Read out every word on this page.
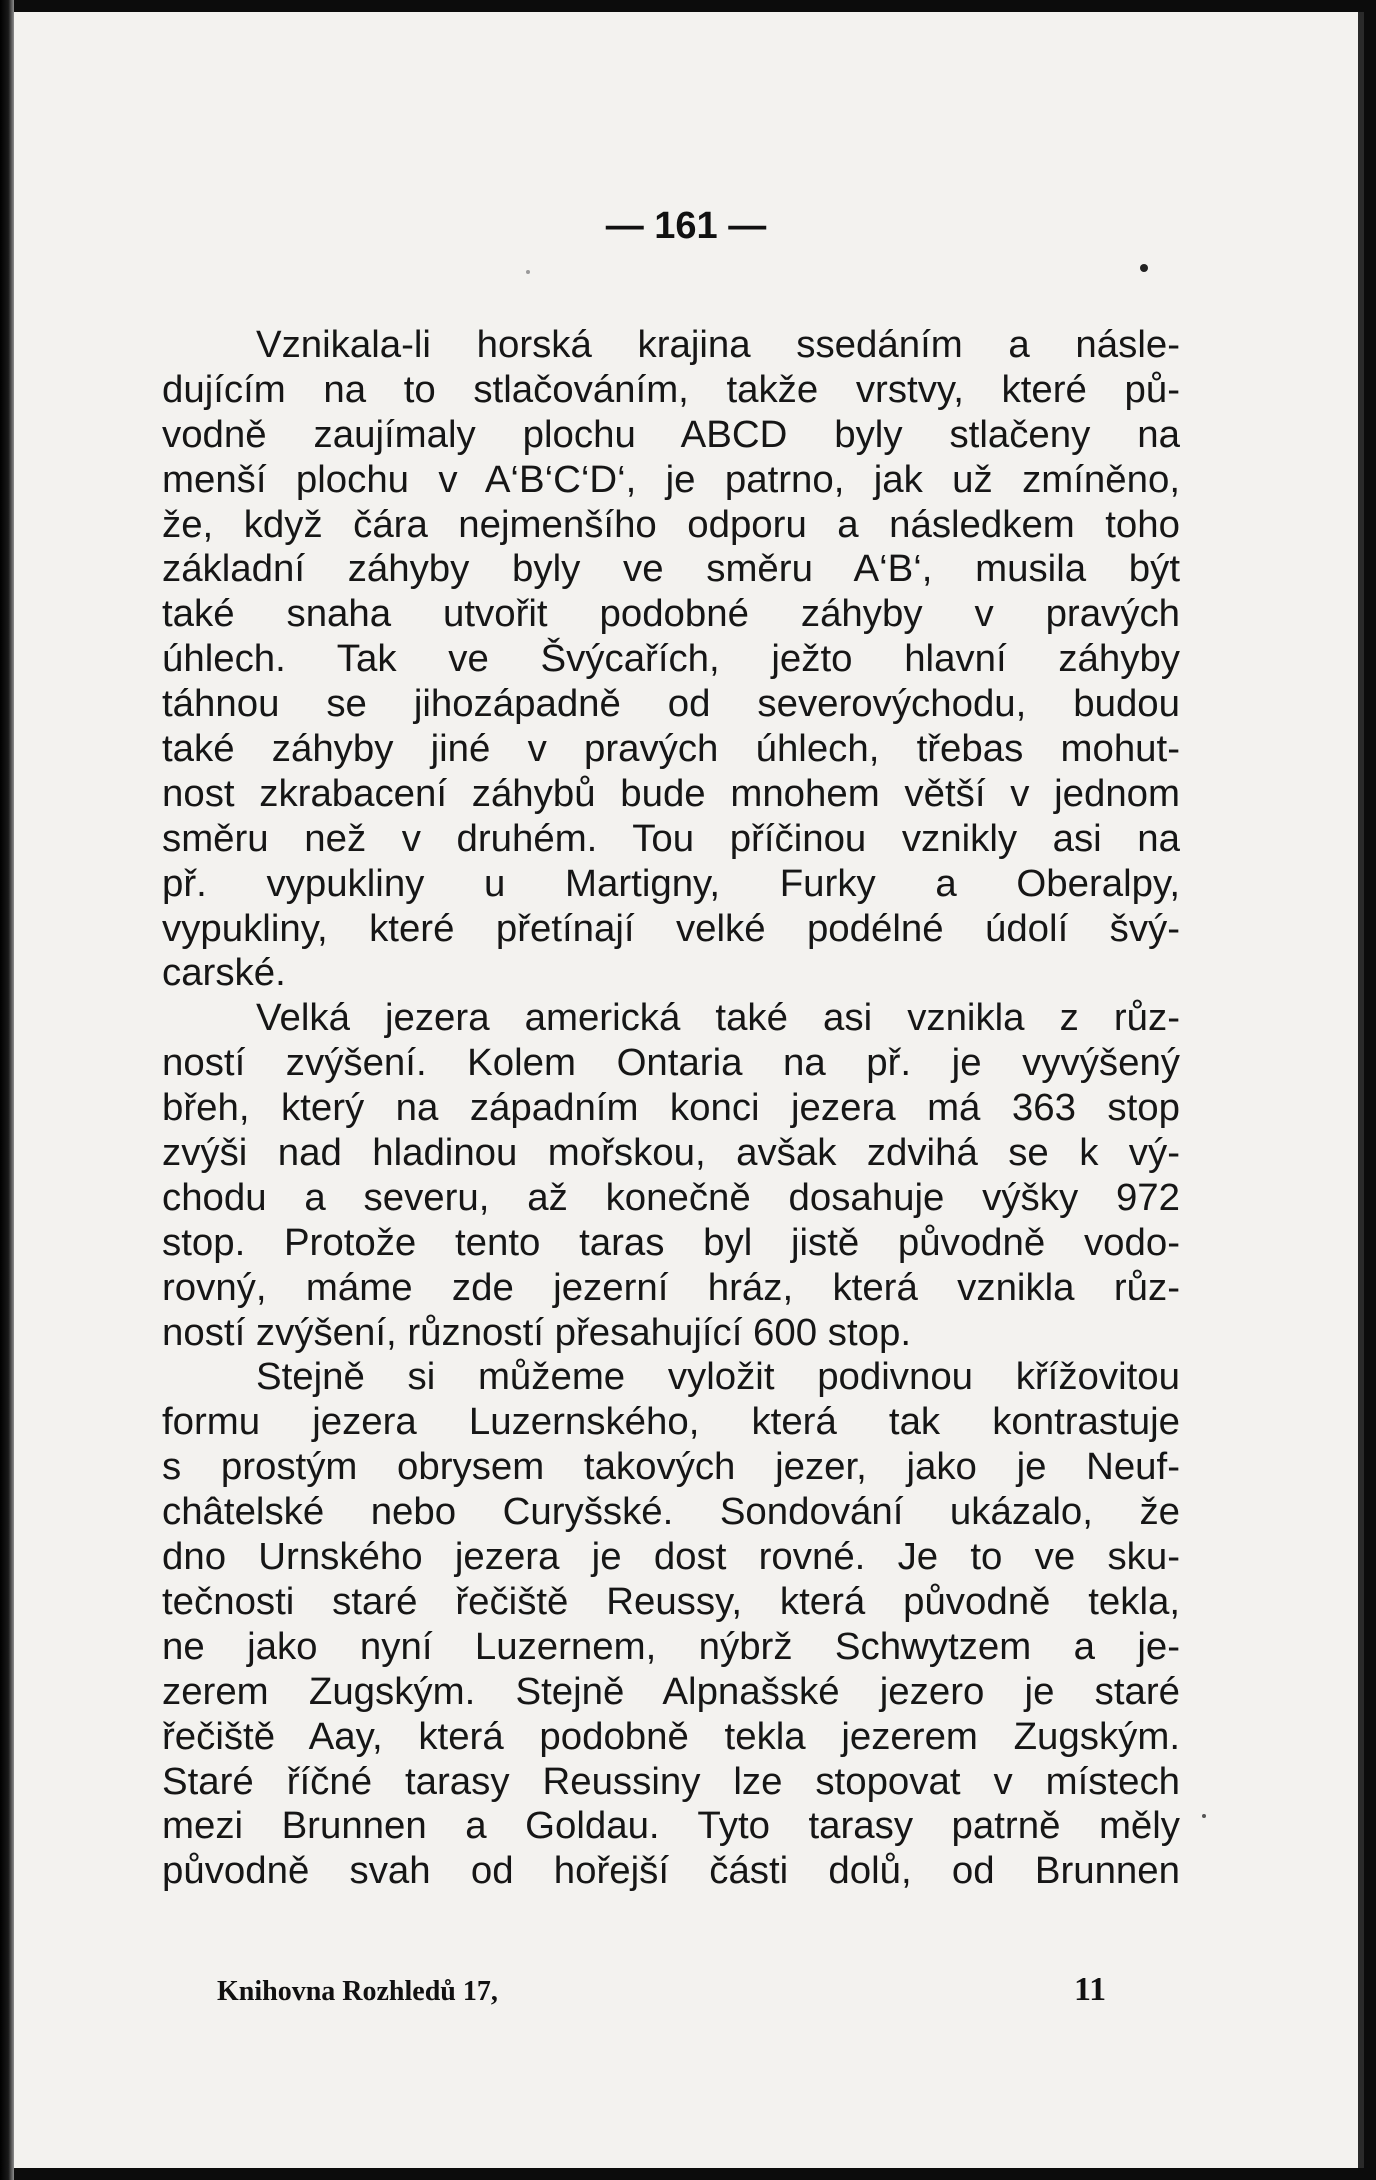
— 161 —
Vznikala-li horská krajina ssedáním a násle-
dujícím na to stlačováním, takže vrstvy, které pů-
vodně zaujímaly plochu ABCD byly stlačeny na
menší plochu v A‘B‘C‘D‘, je patrno, jak už zmíněno,
že, když čára nejmenšího odporu a následkem toho
základní záhyby byly ve směru A‘B‘, musila být
také snaha utvořit podobné záhyby v pravých
úhlech. Tak ve Švýcařích, ježto hlavní záhyby
táhnou se jihozápadně od severovýchodu, budou
také záhyby jiné v pravých úhlech, třebas mohut-
nost zkrabacení záhybů bude mnohem větší v jednom
směru než v druhém. Tou příčinou vznikly asi na
př. vypukliny u Martigny, Furky a Oberalpy,
vypukliny, které přetínají velké podélné údolí švý-
carské.
Velká jezera americká také asi vznikla z růz-
ností zvýšení. Kolem Ontaria na př. je vyvýšený
břeh, který na západním konci jezera má 363 stop
zvýši nad hladinou mořskou, avšak zdvihá se k vý-
chodu a severu, až konečně dosahuje výšky 972
stop. Protože tento taras byl jistě původně vodo-
rovný, máme zde jezerní hráz, která vznikla růz-
ností zvýšení, růzností přesahující 600 stop.
Stejně si můžeme vyložit podivnou křížovitou
formu jezera Luzernského, která tak kontrastuje
s prostým obrysem takových jezer, jako je Neuf-
châtelské nebo Curyšské. Sondování ukázalo, že
dno Urnského jezera je dost rovné. Je to ve sku-
tečnosti staré řečiště Reussy, která původně tekla,
ne jako nyní Luzernem, nýbrž Schwytzem a je-
zerem Zugským. Stejně Alpnašské jezero je staré
řečiště Aay, která podobně tekla jezerem Zugským.
Staré říčné tarasy Reussiny lze stopovat v místech
mezi Brunnen a Goldau. Tyto tarasy patrně měly
původně svah od hořejší části dolů, od Brunnen
Knihovna Rozhledů 17,	11
